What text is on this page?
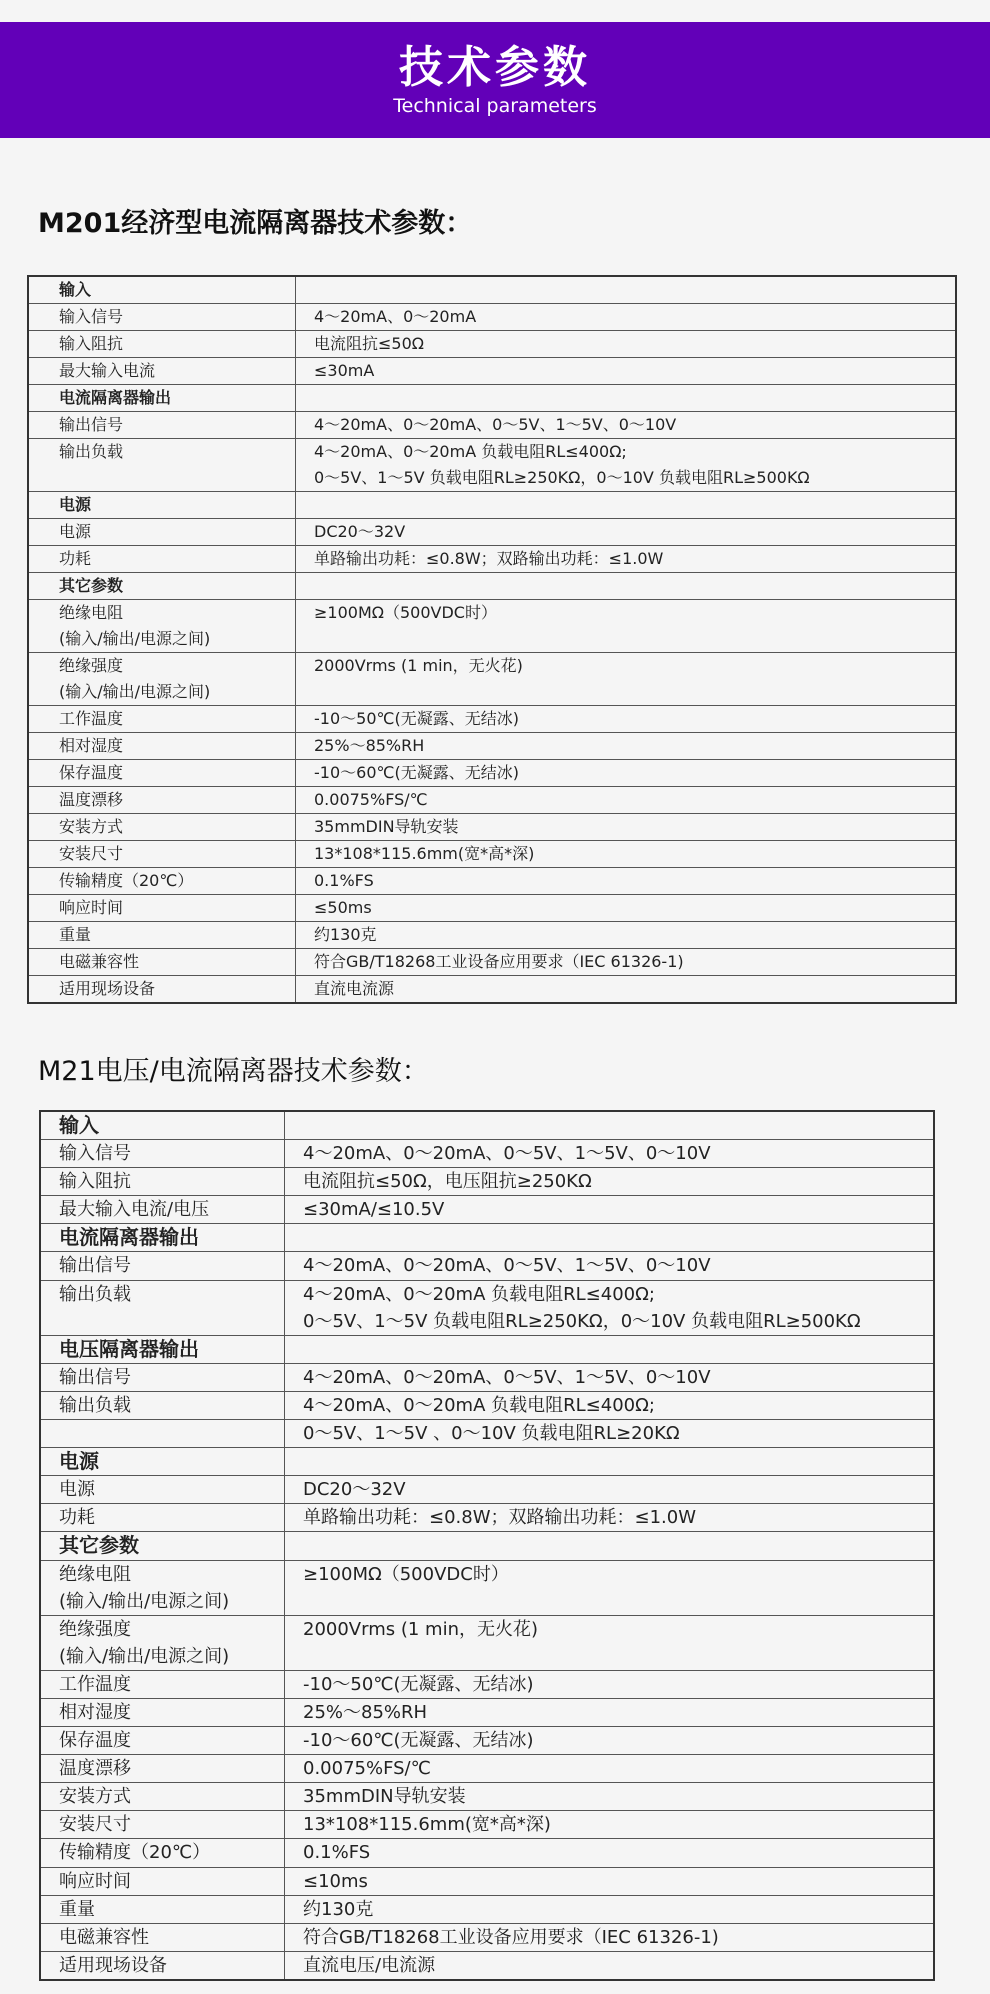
技术参数
Technical parameters
M201经济型电流隔离器技术参数：
输入	

输入信号	4～20mA、0～20mA

输入阻抗	电流阻抗≤50Ω

最大输入电流	≤30mA

电流隔离器输出	

输出信号	4～20mA、0～20mA、0～5V、1～5V、0～10V

输出负载	4～20mA、0～20mA 负载电阻RL≤400Ω;
0～5V、1～5V 负载电阻RL≥250KΩ，0～10V 负载电阻RL≥500KΩ

电源	

电源	DC20～32V

功耗	单路输出功耗：≤0.8W；双路输出功耗：≤1.0W

其它参数	

绝缘电阻
(输入/输出/电源之间)	≥100MΩ（500VDC时）

绝缘强度
(输入/输出/电源之间)	2000Vrms (1 min，无火花)

工作温度	-10～50℃(无凝露、无结冰)

相对湿度	25%～85%RH

保存温度	-10～60℃(无凝露、无结冰)

温度漂移	0.0075%FS/℃

安装方式	35mmDIN导轨安装

安装尺寸	13*108*115.6mm(宽*高*深)

传输精度（20℃）	0.1%FS

响应时间	≤50ms

重量	约130克

电磁兼容性	符合GB/T18268工业设备应用要求（IEC 61326-1)

适用现场设备	直流电流源
M21电压/电流隔离器技术参数：
输入	

输入信号	4～20mA、0～20mA、0～5V、1～5V、0～10V

输入阻抗	电流阻抗≤50Ω，电压阻抗≥250KΩ

最大输入电流/电压	≤30mA/≤10.5V

电流隔离器输出	

输出信号	4～20mA、0～20mA、0～5V、1～5V、0～10V

输出负载	4～20mA、0～20mA 负载电阻RL≤400Ω;
0～5V、1～5V 负载电阻RL≥250KΩ，0～10V 负载电阻RL≥500KΩ

电压隔离器输出	

输出信号	4～20mA、0～20mA、0～5V、1～5V、0～10V

输出负载	4～20mA、0～20mA 负载电阻RL≤400Ω;

	0～5V、1～5V 、0～10V 负载电阻RL≥20KΩ

电源	

电源	DC20～32V

功耗	单路输出功耗：≤0.8W；双路输出功耗：≤1.0W

其它参数	

绝缘电阻
(输入/输出/电源之间)	≥100MΩ（500VDC时）

绝缘强度
(输入/输出/电源之间)	2000Vrms (1 min，无火花)

工作温度	-10～50℃(无凝露、无结冰)

相对湿度	25%～85%RH

保存温度	-10～60℃(无凝露、无结冰)

温度漂移	0.0075%FS/℃

安装方式	35mmDIN导轨安装

安装尺寸	13*108*115.6mm(宽*高*深)

传输精度（20℃）	0.1%FS

响应时间	≤10ms

重量	约130克

电磁兼容性	符合GB/T18268工业设备应用要求（IEC 61326-1)

适用现场设备	直流电压/电流源
